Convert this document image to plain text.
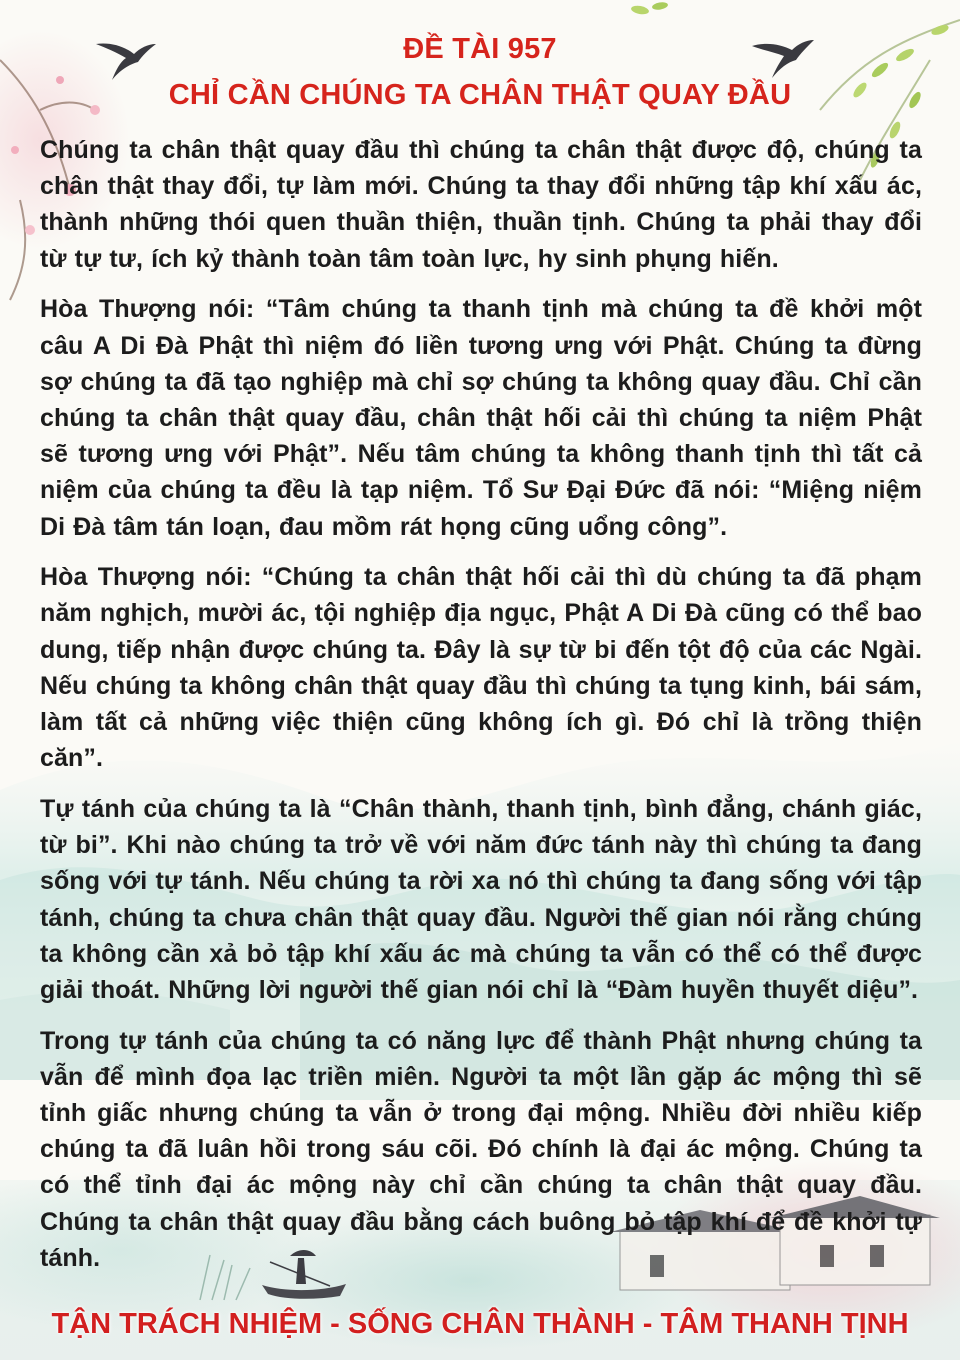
ĐỀ TÀI 957
CHỈ CẦN CHÚNG TA CHÂN THẬT QUAY ĐẦU

Chúng ta chân thật quay đầu thì chúng ta chân thật được độ, chúng ta chân thật thay đổi, tự làm mới. Chúng ta thay đổi những tập khí xấu ác, thành những thói quen thuần thiện, thuần tịnh. Chúng ta phải thay đổi từ tự tư, ích kỷ thành toàn tâm toàn lực, hy sinh phụng hiến.

Hòa Thượng nói: “Tâm chúng ta thanh tịnh mà chúng ta đề khởi một câu A Di Đà Phật thì niệm đó liền tương ưng với Phật. Chúng ta đừng sợ chúng ta đã tạo nghiệp mà chỉ sợ chúng ta không quay đầu. Chỉ cần chúng ta chân thật quay đầu, chân thật hối cải thì chúng ta niệm Phật sẽ tương ưng với Phật”. Nếu tâm chúng ta không thanh tịnh thì tất cả niệm của chúng ta đều là tạp niệm. Tổ Sư Đại Đức đã nói: “Miệng niệm Di Đà tâm tán loạn, đau mồm rát họng cũng uổng công”.

Hòa Thượng nói: “Chúng ta chân thật hối cải thì dù chúng ta đã phạm năm nghịch, mười ác, tội nghiệp địa ngục, Phật A Di Đà cũng có thể bao dung, tiếp nhận được chúng ta. Đây là sự từ bi đến tột độ của các Ngài. Nếu chúng ta không chân thật quay đầu thì chúng ta tụng kinh, bái sám, làm tất cả những việc thiện cũng không ích gì. Đó chỉ là trồng thiện căn”.

Tự tánh của chúng ta là “Chân thành, thanh tịnh, bình đẳng, chánh giác, từ bi”. Khi nào chúng ta trở về với năm đức tánh này thì chúng ta đang sống với tự tánh. Nếu chúng ta rời xa nó thì chúng ta đang sống với tập tánh, chúng ta chưa chân thật quay đầu. Người thế gian nói rằng chúng ta không cần xả bỏ tập khí xấu ác mà chúng ta vẫn có thể có thể được giải thoát. Những lời người thế gian nói chỉ là “Đàm huyền thuyết diệu”.

Trong tự tánh của chúng ta có năng lực để thành Phật nhưng chúng ta vẫn để mình đọa lạc triền miên. Người ta một lần gặp ác mộng thì sẽ tỉnh giấc nhưng chúng ta vẫn ở trong đại mộng. Nhiều đời nhiều kiếp chúng ta đã luân hồi trong sáu cõi. Đó chính là đại ác mộng. Chúng ta có thể tỉnh đại ác mộng này chỉ cần chúng ta chân thật quay đầu. Chúng ta chân thật quay đầu bằng cách buông bỏ tập khí để đề khởi tự tánh.

TẬN TRÁCH NHIỆM - SỐNG CHÂN THÀNH - TÂM THANH TỊNH
